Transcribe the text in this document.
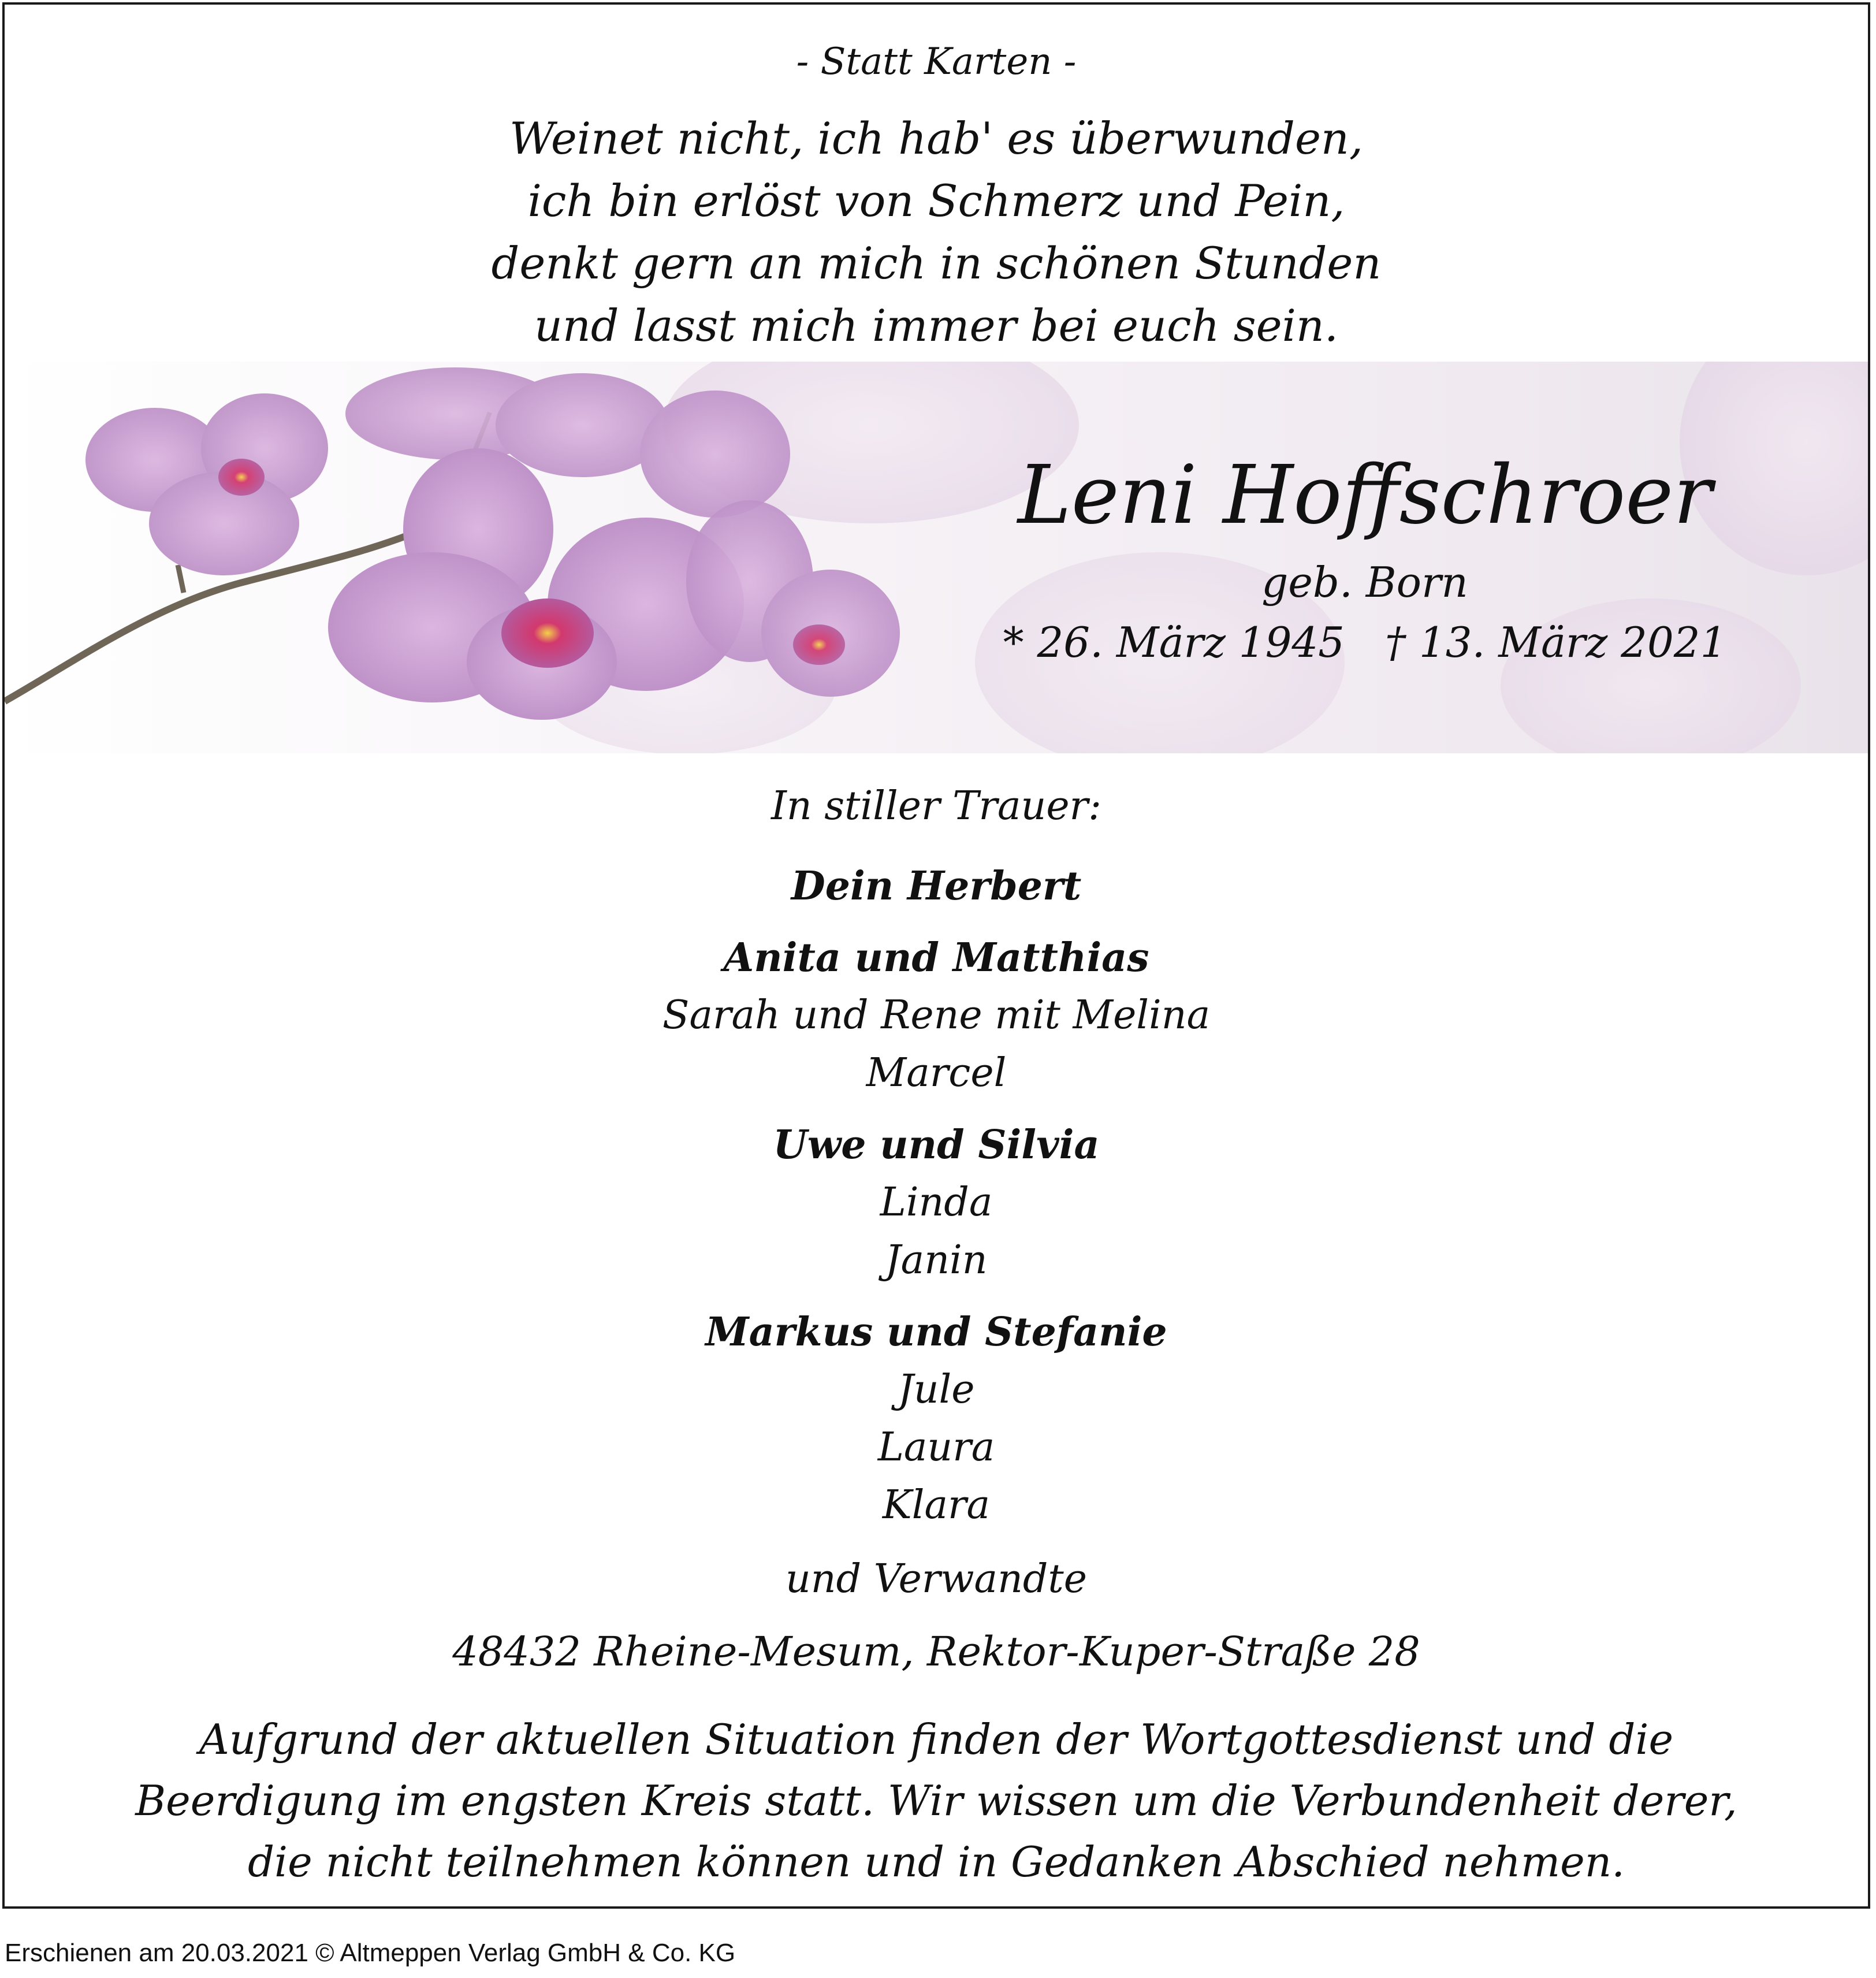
- Statt Karten -
Weinet nicht, ich hab' es überwunden,
ich bin erlöst von Schmerz und Pein,
denkt gern an mich in schönen Stunden
und lasst mich immer bei euch sein.
Leni Hoffschroer
geb. Born
* 26. März 1945 † 13. März 2021
In stiller Trauer:
Dein Herbert
Anita und Matthias
Sarah und Rene mit Melina
Marcel
Uwe und Silvia
Linda
Janin
Markus und Stefanie
Jule
Laura
Klara
und Verwandte
48432 Rheine-Mesum, Rektor-Kuper-Straße 28
Aufgrund der aktuellen Situation finden der Wortgottesdienst und die
Beerdigung im engsten Kreis statt. Wir wissen um die Verbundenheit derer,
die nicht teilnehmen können und in Gedanken Abschied nehmen.
Erschienen am 20.03.2021 © Altmeppen Verlag GmbH & Co. KG
